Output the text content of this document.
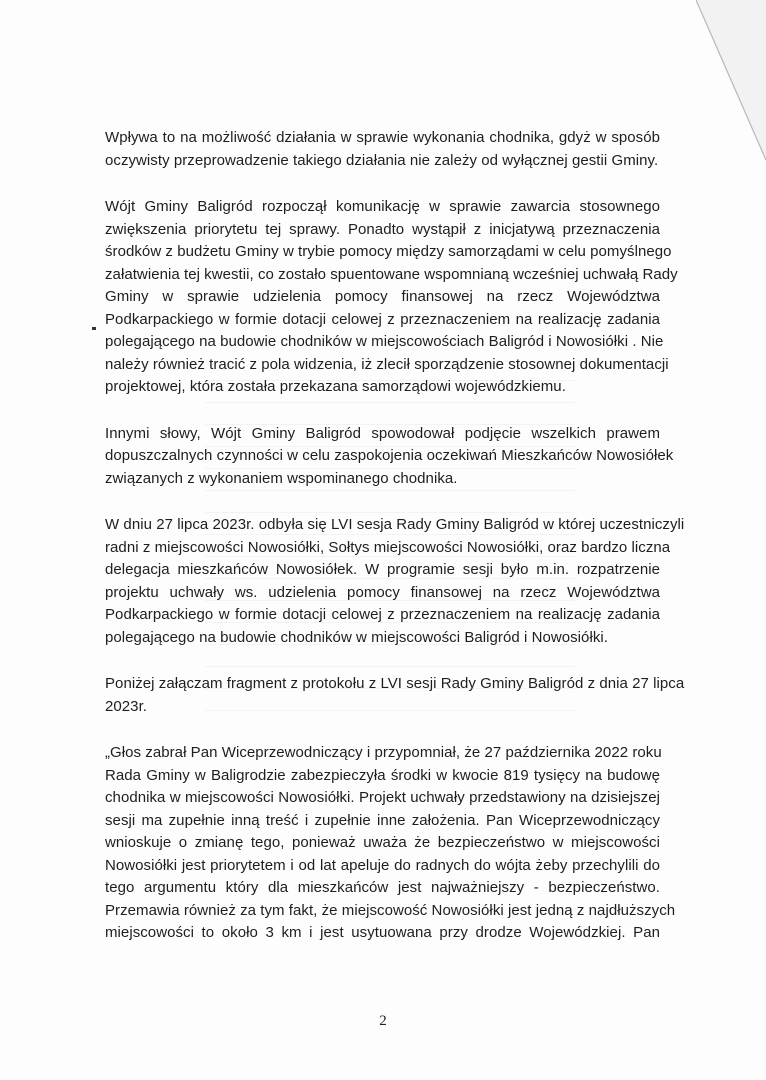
Wpływa to na możliwość działania w sprawie wykonania chodnika, gdyż w sposób
oczywisty przeprowadzenie takiego działania nie zależy od wyłącznej gestii Gminy.

Wójt Gminy Baligród rozpoczął komunikację w sprawie zawarcia stosownego
zwiększenia priorytetu tej sprawy. Ponadto wystąpił z inicjatywą przeznaczenia
środków z budżetu Gminy w trybie pomocy między samorządami w celu pomyślnego
załatwienia tej kwestii, co zostało spuentowane wspomnianą wcześniej uchwałą Rady
Gminy w sprawie udzielenia pomocy finansowej na rzecz Województwa
Podkarpackiego w formie dotacji celowej z przeznaczeniem na realizację zadania
polegającego na budowie chodników w miejscowościach Baligród i Nowosiółki . Nie
należy również tracić z pola widzenia, iż zlecił sporządzenie stosownej dokumentacji
projektowej, która została przekazana samorządowi wojewódzkiemu.

Innymi słowy, Wójt Gminy Baligród spowodował podjęcie wszelkich prawem
dopuszczalnych czynności w celu zaspokojenia oczekiwań Mieszkańców Nowosiółek
związanych z wykonaniem wspominanego chodnika.

W dniu 27 lipca 2023r. odbyła się LVI sesja Rady Gminy Baligród w której uczestniczyli
radni z miejscowości Nowosiółki, Sołtys miejscowości Nowosiółki, oraz bardzo liczna
delegacja mieszkańców Nowosiółek. W programie sesji było m.in. rozpatrzenie
projektu uchwały ws. udzielenia pomocy finansowej na rzecz Województwa
Podkarpackiego w formie dotacji celowej z przeznaczeniem na realizację zadania
polegającego na budowie chodników w miejscowości Baligród i Nowosiółki.

Poniżej załączam fragment z protokołu z LVI sesji Rady Gminy Baligród z dnia 27 lipca
2023r.

„Głos zabrał Pan Wiceprzewodniczący i przypomniał, że 27 października 2022 roku
Rada Gminy w Baligrodzie zabezpieczyła środki w kwocie 819 tysięcy na budowę
chodnika w miejscowości Nowosiółki. Projekt uchwały przedstawiony na dzisiejszej
sesji ma zupełnie inną treść i zupełnie inne założenia. Pan Wiceprzewodniczący
wnioskuje o zmianę tego, ponieważ uważa że bezpieczeństwo w miejscowości
Nowosiółki jest priorytetem i od lat apeluje do radnych do wójta żeby przechylili do
tego argumentu który dla mieszkańców jest najważniejszy - bezpieczeństwo.
Przemawia również za tym fakt, że miejscowość Nowosiółki jest jedną z najdłuższych
miejscowości to około 3 km i jest usytuowana przy drodze Wojewódzkiej. Pan

2
